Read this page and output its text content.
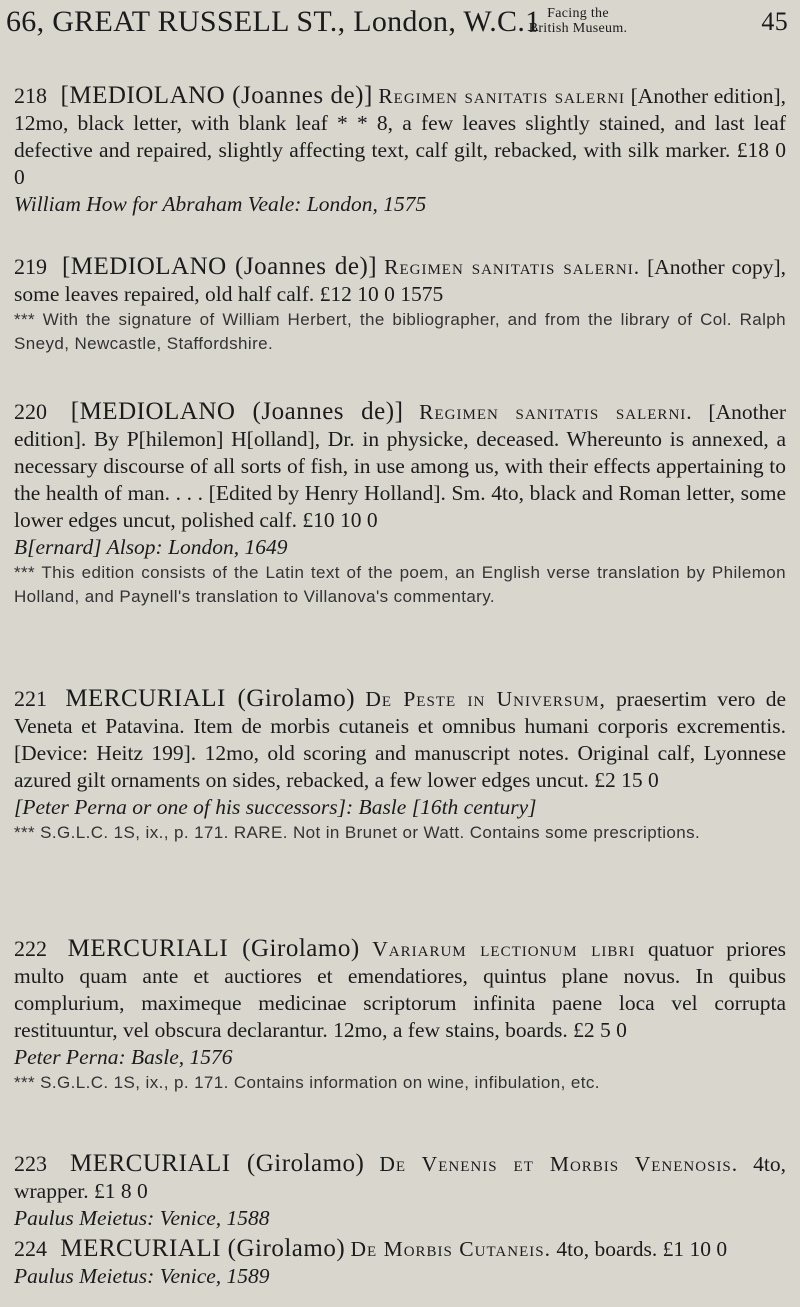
66, GREAT RUSSELL ST., London, W.C.1 Facing the
British Museum.	45

218 [MEDIOLANO (Joannes de)] Regimen sanitatis salerni [Another edition], 12mo, black letter, with blank leaf * * 8, a few leaves slightly stained, and last leaf defective and repaired, slightly affecting text, calf gilt, rebacked, with silk marker. £18 0 0

William How for Abraham Veale: London, 1575

219 [MEDIOLANO (Joannes de)] Regimen sanitatis salerni. [Another copy], some leaves repaired, old half calf. £12 10 0 1575

*** With the signature of William Herbert, the bibliographer, and from the library of Col. Ralph Sneyd, Newcastle, Staffordshire.

220 [MEDIOLANO (Joannes de)] Regimen sanitatis salerni. [Another edition]. By P[hilemon] H[olland], Dr. in physicke, deceased. Whereunto is annexed, a necessary discourse of all sorts of fish, in use among us, with their effects appertaining to the health of man. . . . [Edited by Henry Holland]. Sm. 4to, black and Roman letter, some lower edges uncut, polished calf. £10 10 0

B[ernard] Alsop: London, 1649

*** This edition consists of the Latin text of the poem, an English verse translation by Philemon Holland, and Paynell's translation to Villanova's commentary.

221 MERCURIALI (Girolamo) De Peste in Universum, praesertim vero de Veneta et Patavina. Item de morbis cutaneis et omnibus humani corporis excrementis. [Device: Heitz 199]. 12mo, old scoring and manuscript notes. Original calf, Lyonnese azured gilt ornaments on sides, rebacked, a few lower edges uncut. £2 15 0

[Peter Perna or one of his successors]: Basle [16th century]

*** S.G.L.C. 1S, ix., p. 171. RARE. Not in Brunet or Watt. Contains some prescriptions.

222 MERCURIALI (Girolamo) Variarum lectionum libri quatuor priores multo quam ante et auctiores et emendatiores, quintus plane novus. In quibus complurium, maximeque medicinae scriptorum infinita paene loca vel corrupta restituuntur, vel obscura declarantur. 12mo, a few stains, boards. £2 5 0

Peter Perna: Basle, 1576

*** S.G.L.C. 1S, ix., p. 171. Contains information on wine, infibulation, etc.

223 MERCURIALI (Girolamo) De Venenis et Morbis Venenosis. 4to, wrapper. £1 8 0

Paulus Meietus: Venice, 1588

224 MERCURIALI (Girolamo) De Morbis Cutaneis. 4to, boards. £1 10 0

Paulus Meietus: Venice, 1589
